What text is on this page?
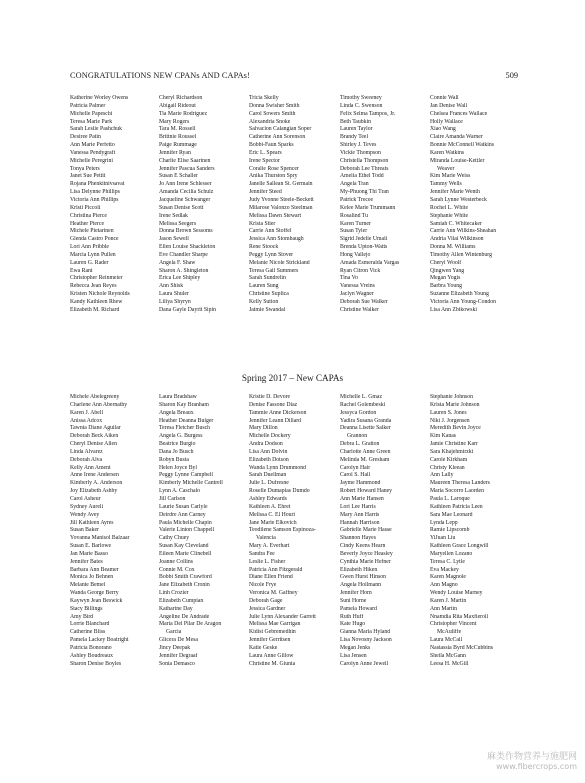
CONGRATULATIONS NEW CPANs AND CAPAs!	509
Katherine Worley Owens
Patricia Palmer
Michelle Papeschi
Teresa Marie Park
Sarah Leslie Pashchuk
Desiree Patin
Ann Marie Perfetto
Vanessa Pendygraft
Michelle Peregrini
Tonya Peters
Janet Sue Pettit
Rojana Phenkitnivsavat
Lisa Delynne Phillips
Victoria Ann Phillips
Kristi Piccoli
Christina Pierce
Heather Pierce
Michele Pietarinen
Glenda Castro Ponce
Lori Ann Pribble
Marcia Lynn Pullen
Lauren G. Rader
Ewa Rant
Christopher Reinmeier
Rebecca Jean Reyes
Kristen Nichole Reynolds
Kandy Kathleen Rhew
Elizabeth M. Richard
Cheryl Richardson
Abigail Rideout
Tia Marie Rodriguez
Mary Rogers
Tara M. Rossell
Brittnie Roussel
Paige Rummage
Jennifer Ryan
Charlie Elise Saarinen
Jennifer Pascua Sanders
Susan E Schaller
Jo Ann Irene Schlesser
Amanda Cecilia Schulz
Jacqueline Schwanger
Susan Denise Scott
Irene Sedlak
Melissa Seegers
Donna Brown Sessoms
Jason Sewell
Ellen Louise Shackleton
Eve Chandler Sharpe
Angela F. Shaw
Sharon A. Shingleton
Erica Lee Shipley
Ann Shisk
Laura Shuler
Liliya Shyryn
Dana Gayle Dayrit Sipin
Tricia Skelly
Donna Swisher Smith
Carol Sowers Smith
Alexandria Snoke
Salvacion Calangian Soper
Catherine Ann Sorenson
Bobbi-Faun Sparks
Eric L. Spears
Irene Spector
Coralie Rose Spencer
Anika Thurston Spry
Janelle Sallean St. Germain
Jennifer Steed
Judy Yvonne Steele-Beckett
Milarose Valonzo Steelman
Melissa Dawn Stewart
Krista Stier
Carrie Ann Stoffel
Jessica Ann Stombaugh
Rene Stoock
Peggy Lynn Stover
Melanie Nicole Strickland
Teresa Gail Summers
Sarah Sundrelin
Lauren Sung
Christine Suplica
Kelly Sutton
Jaimie Swandal
Timothy Sweeney
Linda C. Swenson
Felix Selma Tampos, Jr.
Beth Taubkin
Lauren Taylor
Brandy Teel
Shirley J. Teves
Vickie Thompson
Christella Thompson
Deborah Lee Threats
Amelia Ethel Todd
Angela Tran
My-Phuong Thi Tran
Patrick Trecee
Kelee Marie Trummann
Rosalind Tu
Karen Turner
Susan Tyler
Sigrid Jedelie Umali
Brenda Upton-Watts
Hong Vallejo
Amada Esmeralda Vargas
Ryan Citron Vick
Tina Vo
Vanessa Vreins
Jaclyn Wagner
Deborah Sue Walker
Christine Walker
Connie Wall
Jan Denise Wall
Chelsea Frances Wallace
Holly Wallace
Xiao Wang
Claire Amanda Warner
Bonnie McConnell Watkins
Karen Watkins
Miranda Louise-Kettler
Weaver
Kim Marie Weiss
Tammy Wells
Jennifer Marie Wenth
Sarah Lynne Westerbeck
Rochel L. White
Stephanie White
Samiah C. Whitecaker
Carrie Ann Wilkins-Sheahan
Andria Vilai Wilkinson
Donna M. Williams
Timothy Allen Wintenburg
Cheryl Woolf
Qingwen Yang
Megan Yogis
Barbra Young
Suzanne Elizabeth Young
Victoria Ann Young-Condon
Lisa Ann Zbikowski
Spring 2017 – New CAPAs
Michele Abelegreeny
Charlene Ann Abernathy
Karen J. Abell
Anissa Adcox
Tawnia Diane Aguilar
Deborah Beck Aiken
Cheryl Denise Allen
Linda Alvarez
Deborah Alva
Kelly Ann Ament
Anne Irene Andersen
Kimberly A. Anderson
Joy Elizabeth Ashby
Carol Asheur
Sydney Aureli
Wendy Avey
Jill Kathleen Ayres
Susan Baker
Yovanna Manisol Balzaar
Susan E. Barlowe
Jan Marie Basso
Jennifer Bates
Barbara Ann Beamer
Monica Jo Behnen
Melanie Bemel
Wanda George Berry
Kaywyn Jean Beswick
Stacy Billings
Amy Bird
Lorrie Blanchard
Catherine Bliss
Pamela Lackey Boatright
Patricia Bonorano
Ashley Boudreaux
Sharon Denise Boyles
Laura Bradshaw
Sharon Kay Branham
Angela Breaux
Heather Deanna Bulger
Teresa Fletcher Busch
Angela G. Burgess
Beatrice Burgio
Dana Jo Busch
Robyn Busta
Helen Joyce Byl
Peggy Lynne Campbell
Kimberly Michelle Cantrell
Lynn A. Caschalo
Jill Carlson
Laurie Susan Carlyle
Deirdre Ann Carney
Paula Michelle Chapin
Valerie Linton Chappell
Cathy Chuey
Susan Kay Cleveland
Eileen Marie Clinebell
Joanne Collins
Connie M. Cox
Bobbi Smith Crawford
Jane Elizabeth Cronin
Linh Crozier
Elizabeth Cumpian
Katharine Day
Angeline De Andrade
Maria Del Pilar De Aragon
Garcia
Glicera De Mesa
Jincy Deepak
Jennifer Degraaf
Sonia Demasco
Kristie D. Devore
Denise Fassone Diaz
Tammie Anne Dickerson
Jennifer Leann Dillard
Mary Dillon
Michelle Dockery
Andra Dodson
Lisa Ann Dolvin
Elizabeth Dotson
Wanda Lynn Drummond
Sarah Duellman
Julie L. Dufresne
Roselle Dumapias Dumdo
Ashley Edwards
Kathleen A. Ehret
Melissa C. El Houri
Jane Marie Elkovich
Teodilene Samson Espinoza-
Valencia
Mary A. Everhart
Sandra Fee
Leslie L. Fisher
Patricia Ann Fitzgerald
Diane Ellen Friend
Nicole Frye
Veronica M. Gaffney
Deborah Gage
Jessica Gardner
Julie Lynn Alexander Garrett
Melissa Mae Garrigan
Kidist Gebremedhin
Jennifer Gerritsen
Katie Geske
Laura Anne Gillow
Christine M. Giunta
Michelle L. Gmaz
Rachel Golembeski
Jessyca Gordon
Yadira Susana Granda
Deanna Lisette Salker
Grannon
Debra L. Gratton
Charlotte Anne Green
Melinda M. Gresham
Carolyn Hair
Carol S. Hall
Jayme Hammond
Robert Howard Haney
Ann Marie Hansen
Lori Lee Harris
Mary Ann Harris
Hannah Harrison
Gabrielle Marie Hasse
Shannon Hayes
Cindy Keens Hearn
Beverly Joyce Heasley
Cynthia Marie Hefner
Elizabeth Hiken
Gwen Hurst Hinson
Angela Hollmann
Jennifer Horn
Suni Horne
Pamela Howard
Ruth Huff
Kate Hugo
Gianna Maria Hyland
Lisa Novosny Jackson
Megan Jenks
Lisa Jensen
Carolyn Anne Jewell
Stephanie Johnson
Krista Marie Johnson
Lauren S. Jones
Niki J. Jorgensen
Meredith Bevin Joyce
Kim Kanas
Jamie Christine Karr
Sara Khajehmirzki
Carole Kirkham
Christy Kleean
Ann Lally
Maureen Theresa Landers
Maria Socorro Laorden
Paula L. Laroque
Kathleen Patricia Leen
Sara Mae Leonard
Lynda Lepp
Ramie Lipscomb
YiJuan Liu
Kathleen Grace Longwill
Maryellen Lozano
Teresa C. Lytle
Eva Mackey
Karen Magnole
Ann Magno
Wendy Louise Marney
Karen J. Martin
Ann Martin
Nnamdia Rita Maxfieroll
Christopher Vincent
McAuliffe
Laura McCall
Nastassia Byrd McCubbins
Sheila McGann
Leesa H. McGill
麻类作物营养与施肥网
www.fibercrops.com
